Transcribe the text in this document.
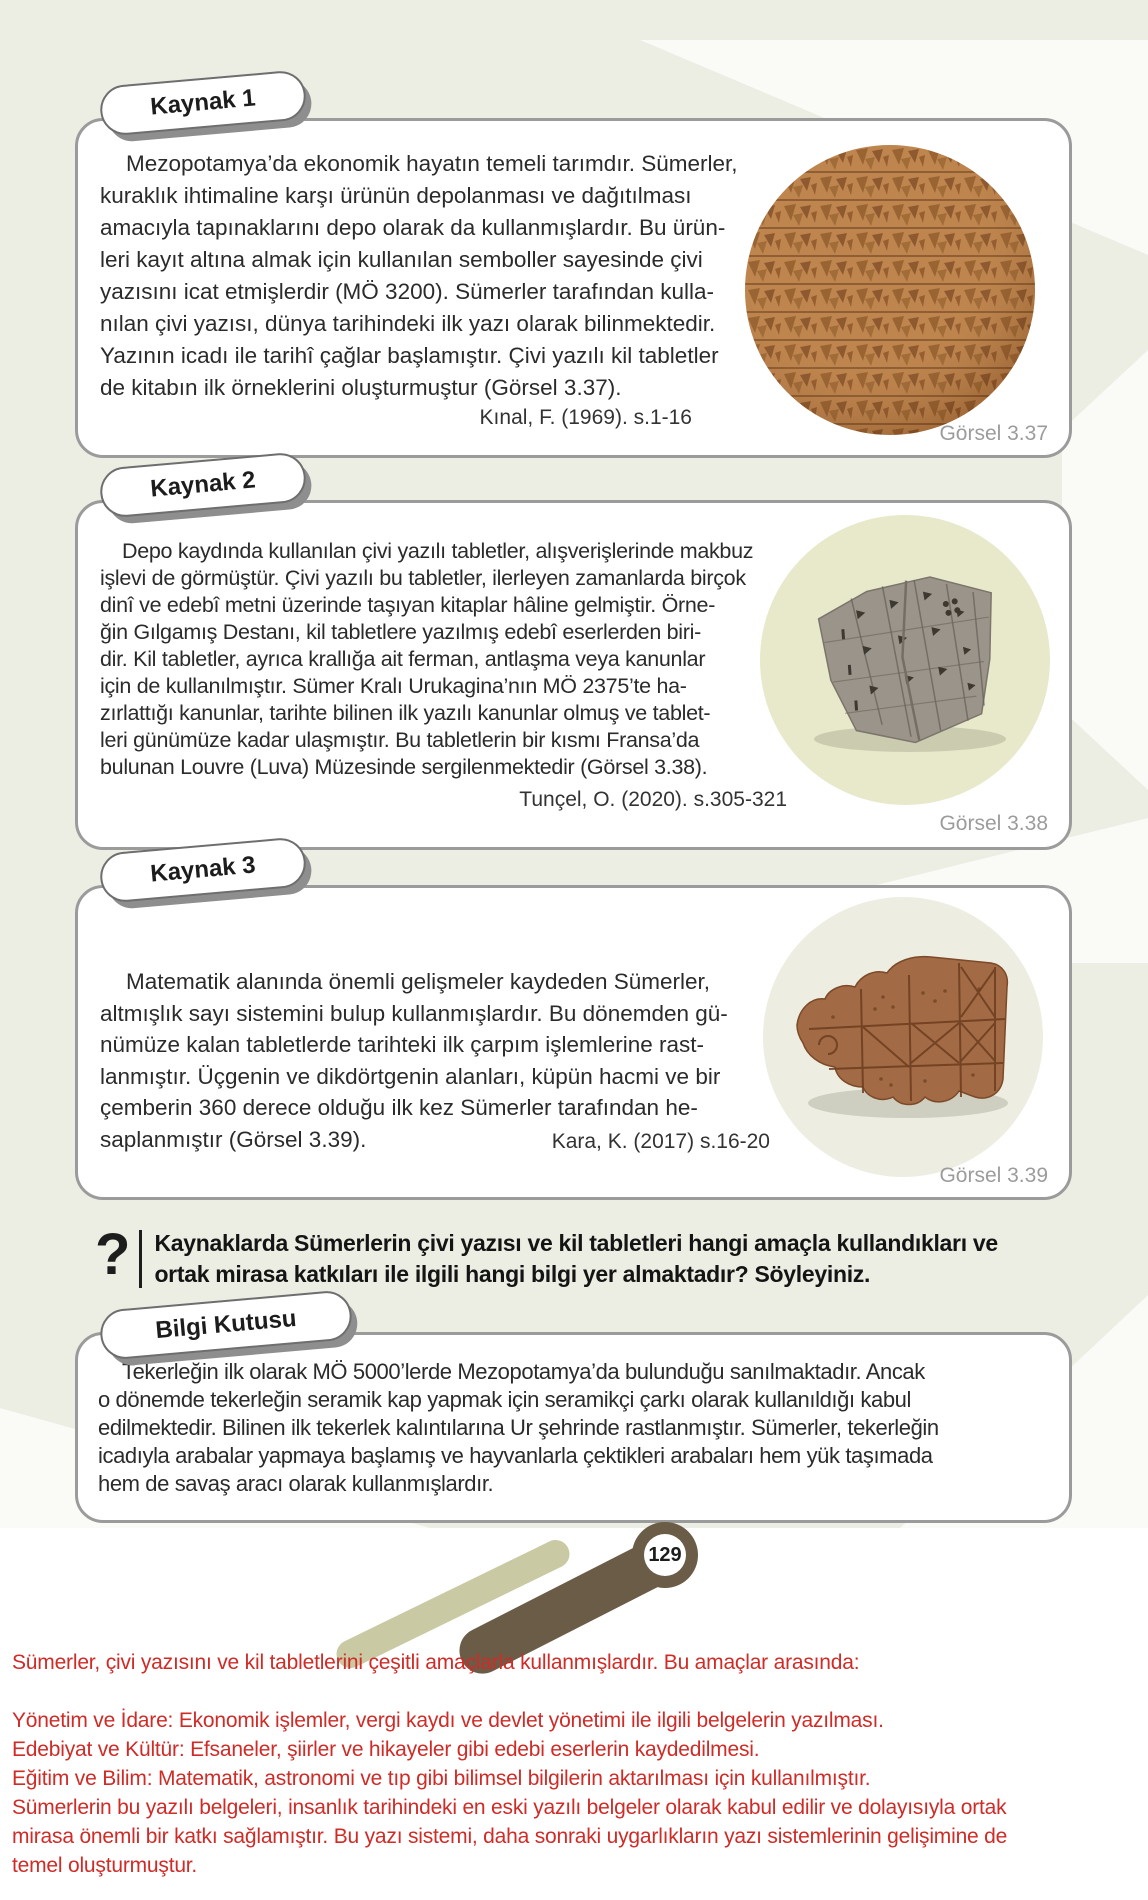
Kaynak 1
Mezopotamya’da ekonomik hayatın temeli tarımdır. Sümerler,
kuraklık ihtimaline karşı ürünün depolanması ve dağıtılması
amacıyla tapınaklarını depo olarak da kullanmışlardır. Bu ürün-
leri kayıt altına almak için kullanılan semboller sayesinde çivi
yazısını icat etmişlerdir (MÖ 3200). Sümerler tarafından kulla-
nılan çivi yazısı, dünya tarihindeki ilk yazı olarak bilinmektedir.
Yazının icadı ile tarihî çağlar başlamıştır. Çivi yazılı kil tabletler
de kitabın ilk örneklerini oluşturmuştur (Görsel 3.37).
Kınal, F. (1969). s.1-16
Görsel 3.37
Kaynak 2
Depo kaydında kullanılan çivi yazılı tabletler, alışverişlerinde makbuz
işlevi de görmüştür. Çivi yazılı bu tabletler, ilerleyen zamanlarda birçok
dinî ve edebî metni üzerinde taşıyan kitaplar hâline gelmiştir. Örne-
ğin Gılgamış Destanı, kil tabletlere yazılmış edebî eserlerden biri-
dir. Kil tabletler, ayrıca krallığa ait ferman, antlaşma veya kanunlar
için de kullanılmıştır. Sümer Kralı Urukagina’nın MÖ 2375’te ha-
zırlattığı kanunlar, tarihte bilinen ilk yazılı kanunlar olmuş ve tablet-
leri günümüze kadar ulaşmıştır. Bu tabletlerin bir kısmı Fransa’da
bulunan Louvre (Luva) Müzesinde sergilenmektedir (Görsel 3.38).
Tunçel, O. (2020). s.305-321
Görsel 3.38
Kaynak 3
Matematik alanında önemli gelişmeler kaydeden Sümerler,
altmışlık sayı sistemini bulup kullanmışlardır. Bu dönemden gü-
nümüze kalan tabletlerde tarihteki ilk çarpım işlemlerine rast-
lanmıştır. Üçgenin ve dikdörtgenin alanları, küpün hacmi ve bir
çemberin 360 derece olduğu ilk kez Sümerler tarafından he-
saplanmıştır (Görsel 3.39).	Kara, K. (2017) s.16-20
Görsel 3.39
? Kaynaklarda Sümerlerin çivi yazısı ve kil tabletleri hangi amaçla kullandıkları ve
ortak mirasa katkıları ile ilgili hangi bilgi yer almaktadır? Söyleyiniz.
Bilgi Kutusu
Tekerleğin ilk olarak MÖ 5000’lerde Mezopotamya’da bulunduğu sanılmaktadır. Ancak
o dönemde tekerleğin seramik kap yapmak için seramikçi çarkı olarak kullanıldığı kabul
edilmektedir. Bilinen ilk tekerlek kalıntılarına Ur şehrinde rastlanmıştır. Sümerler, tekerleğin
icadıyla arabalar yapmaya başlamış ve hayvanlarla çektikleri arabaları hem yük taşımada
hem de savaş aracı olarak kullanmışlardır.
129
Sümerler, çivi yazısını ve kil tabletlerini çeşitli amaçlarla kullanmışlardır. Bu amaçlar arasında:

Yönetim ve İdare: Ekonomik işlemler, vergi kaydı ve devlet yönetimi ile ilgili belgelerin yazılması.
Edebiyat ve Kültür: Efsaneler, şiirler ve hikayeler gibi edebi eserlerin kaydedilmesi.
Eğitim ve Bilim: Matematik, astronomi ve tıp gibi bilimsel bilgilerin aktarılması için kullanılmıştır.
Sümerlerin bu yazılı belgeleri, insanlık tarihindeki en eski yazılı belgeler olarak kabul edilir ve dolayısıyla ortak
mirasa önemli bir katkı sağlamıştır. Bu yazı sistemi, daha sonraki uygarlıkların yazı sistemlerinin gelişimine de
temel oluşturmuştur.
